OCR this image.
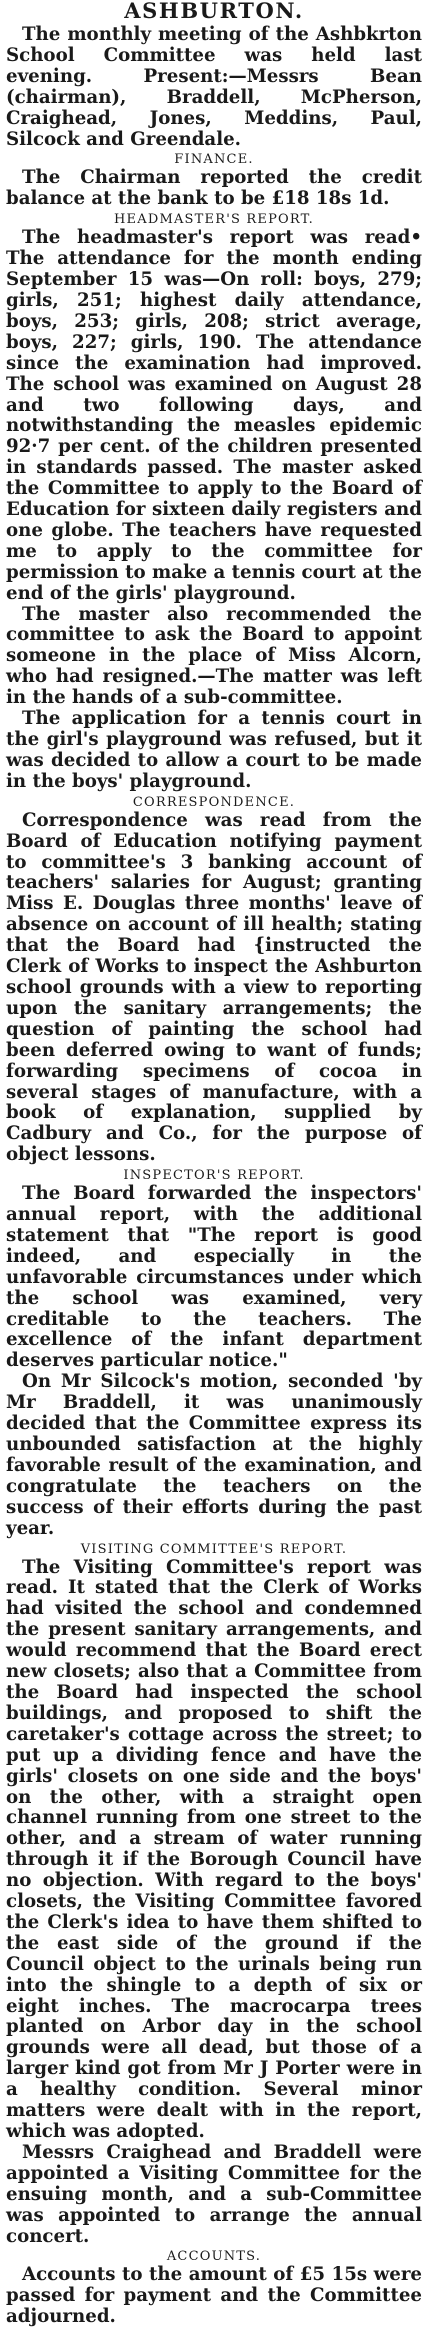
ASHBURTON.

The monthly meeting of the Ashbkrton School Committee was held last evening. Present:—Messrs Bean (chairman), Braddell, McPherson, Craighead, Jones, Meddins, Paul, Silcock and Greendale.

FINANCE.

The Chairman reported the credit balance at the bank to be £18 18s 1d.

HEADMASTER'S REPORT.

The headmaster's report was read• The attendance for the month ending September 15 was—On roll: boys, 279; girls, 251; highest daily attendance, boys, 253; girls, 208; strict average, boys, 227; girls, 190. The attendance since the examination had improved. The school was examined on August 28 and two following days, and notwithstanding the measles epidemic 92·7 per cent. of the children presented in standards passed. The master asked the Committee to apply to the Board of Education for sixteen daily registers and one globe. The teachers have requested me to apply to the committee for permission to make a tennis court at the end of the girls' playground.

The master also recommended the committee to ask the Board to appoint someone in the place of Miss Alcorn, who had resigned.—The matter was left in the hands of a sub-committee.

The application for a tennis court in the girl's playground was refused, but it was decided to allow a court to be made in the boys' playground.

CORRESPONDENCE.

Correspondence was read from the Board of Education notifying payment to committee's 3 banking account of teachers' salaries for August; granting Miss E. Douglas three months' leave of absence on account of ill health; stating that the Board had {instructed the Clerk of Works to inspect the Ashburton school grounds with a view to reporting upon the sanitary arrangements; the question of painting the school had been deferred owing to want of funds; forwarding specimens of cocoa in several stages of manufacture, with a book of explanation, supplied by Cadbury and Co., for the purpose of object lessons.

INSPECTOR'S REPORT.

The Board forwarded the inspectors' annual report, with the additional statement that "The report is good indeed, and especially in the unfavorable circumstances under which the school was examined, very creditable to the teachers. The excellence of the infant department deserves particular notice."

On Mr Silcock's motion, seconded 'by Mr Braddell, it was unanimously decided that the Committee express its unbounded satisfaction at the highly favorable result of the examination, and congratulate the teachers on the success of their efforts during the past year.

VISITING COMMITTEE'S REPORT.

The Visiting Committee's report was read. It stated that the Clerk of Works had visited the school and condemned the present sanitary arrangements, and would recommend that the Board erect new closets; also that a Committee from the Board had inspected the school buildings, and proposed to shift the caretaker's cottage across the street; to put up a dividing fence and have the girls' closets on one side and the boys' on the other, with a straight open channel running from one street to the other, and a stream of water running through it if the Borough Council have no objection. With regard to the boys' closets, the Visiting Committee favored the Clerk's idea to have them shifted to the east side of the ground if the Council object to the urinals being run into the shingle to a depth of six or eight inches. The macrocarpa trees planted on Arbor day in the school grounds were all dead, but those of a larger kind got from Mr J Porter were in a healthy condition. Several minor matters were dealt with in the report, which was adopted.

Messrs Craighead and Braddell were appointed a Visiting Committee for the ensuing month, and a sub-Committee was appointed to arrange the annual concert.

ACCOUNTS.

Accounts to the amount of £5 15s were passed for payment and the Committee adjourned.
